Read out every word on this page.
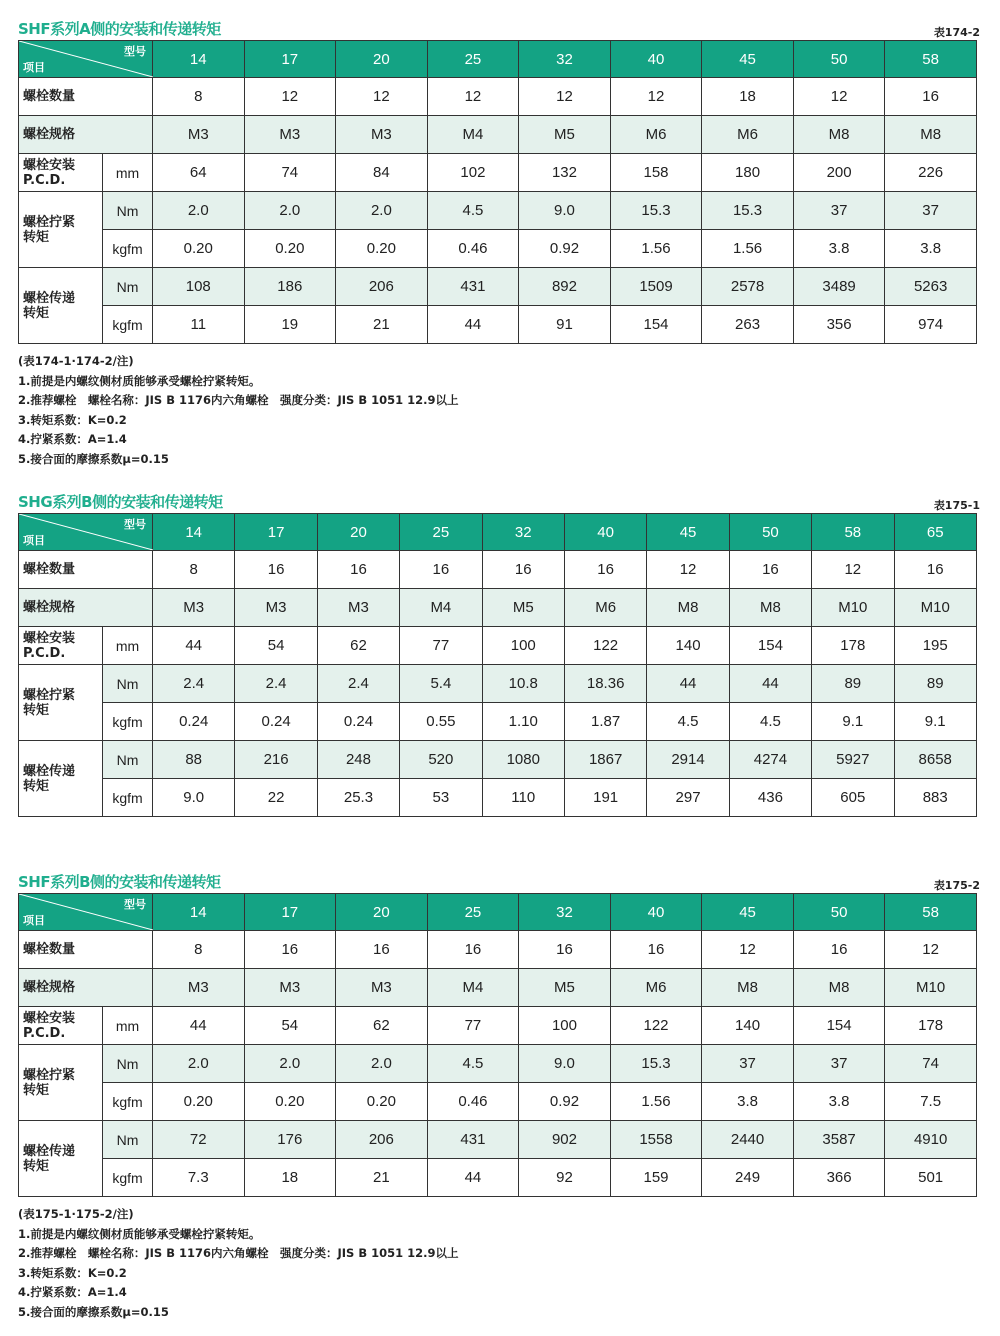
SHF系列A侧的安装和传递转矩	表174-2
型号
项目		14	17	20	25	32	40	45	50	58
螺栓数量		8	12	12	12	12	12	18	12	16
螺栓规格		M3	M3	M3	M4	M5	M6	M6	M8	M8

螺栓安装
P.C.D.	mm	64	74	84	102	132	158	180	200	226

螺栓拧紧
转矩	Nm	2.0	2.0	2.0	4.5	9.0	15.3	15.3	37	37
	kgfm	0.20	0.20	0.20	0.46	0.92	1.56	1.56	3.8	3.8

螺栓传递
转矩	Nm	108	186	206	431	892	1509	2578	3489	5263
	kgfm	11	19	21	44	91	154	263	356	974
(表174-1·174-2/注)
1.前提是内螺纹侧材质能够承受螺栓拧紧转矩。
2.推荐螺栓　螺栓名称：JIS B 1176内六角螺栓　强度分类：JIS B 1051 12.9以上
3.转矩系数：K=0.2
4.拧紧系数：A=1.4
5.接合面的摩擦系数μ=0.15
SHG系列B侧的安装和传递转矩	表175-1
型号
项目		14	17	20	25	32	40	45	50	58	65
螺栓数量		8	16	16	16	16	16	12	16	12	16
螺栓规格		M3	M3	M3	M4	M5	M6	M8	M8	M10	M10

螺栓安装
P.C.D.	mm	44	54	62	77	100	122	140	154	178	195

螺栓拧紧
转矩	Nm	2.4	2.4	2.4	5.4	10.8	18.36	44	44	89	89
	kgfm	0.24	0.24	0.24	0.55	1.10	1.87	4.5	4.5	9.1	9.1

螺栓传递
转矩	Nm	88	216	248	520	1080	1867	2914	4274	5927	8658
	kgfm	9.0	22	25.3	53	110	191	297	436	605	883
SHF系列B侧的安装和传递转矩	表175-2
型号
项目		14	17	20	25	32	40	45	50	58
螺栓数量		8	16	16	16	16	16	12	16	12
螺栓规格		M3	M3	M3	M4	M5	M6	M8	M8	M10

螺栓安装
P.C.D.	mm	44	54	62	77	100	122	140	154	178

螺栓拧紧
转矩	Nm	2.0	2.0	2.0	4.5	9.0	15.3	37	37	74
	kgfm	0.20	0.20	0.20	0.46	0.92	1.56	3.8	3.8	7.5

螺栓传递
转矩	Nm	72	176	206	431	902	1558	2440	3587	4910
	kgfm	7.3	18	21	44	92	159	249	366	501
(表175-1·175-2/注)
1.前提是内螺纹侧材质能够承受螺栓拧紧转矩。
2.推荐螺栓　螺栓名称：JIS B 1176内六角螺栓　强度分类：JIS B 1051 12.9以上
3.转矩系数：K=0.2
4.拧紧系数：A=1.4
5.接合面的摩擦系数μ=0.15
